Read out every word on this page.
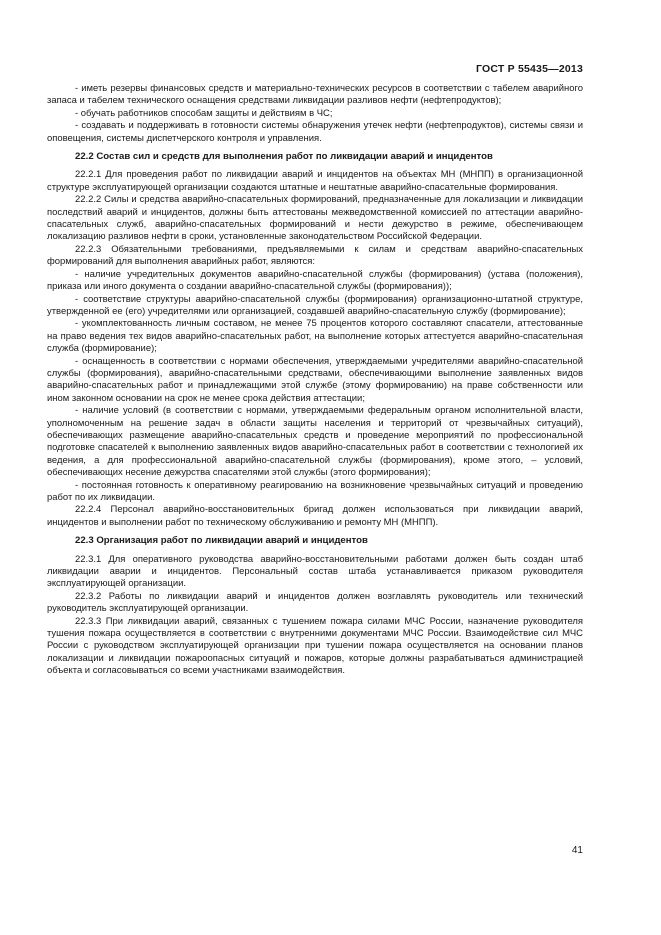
ГОСТ Р 55435—2013

- иметь резервы финансовых средств и материально-технических ресурсов в соответствии с табелем аварийного запаса и табелем технического оснащения средствами ликвидации разливов нефти (нефтепродуктов);

- обучать работников способам защиты и действиям в ЧС;

- создавать и поддерживать в готовности системы обнаружения утечек нефти (нефтепродуктов), системы связи и оповещения, системы диспетчерского контроля и управления.

22.2 Состав сил и средств для выполнения работ по ликвидации аварий и инцидентов

22.2.1 Для проведения работ по ликвидации аварий и инцидентов на объектах МН (МНПП) в организационной структуре эксплуатирующей организации создаются штатные и нештатные аварийно-спасательные формирования.

22.2.2 Силы и средства аварийно-спасательных формирований, предназначенные для локализации и ликвидации последствий аварий и инцидентов, должны быть аттестованы межведомственной комиссией по аттестации аварийно-спасательных служб, аварийно-спасательных формирований и нести дежурство в режиме, обеспечивающем локализацию разливов нефти в сроки, установленные законодательством Российской Федерации.

22.2.3 Обязательными требованиями, предъявляемыми к силам и средствам аварийно-спасательных формирований для выполнения аварийных работ, являются:

- наличие учредительных документов аварийно-спасательной службы (формирования) (устава (положения), приказа или иного документа о создании аварийно-спасательной службы (формирования));

- соответствие структуры аварийно-спасательной службы (формирования) организационно-штатной структуре, утвержденной ее (его) учредителями или организацией, создавшей аварийно-спасательную службу (формирование);

- укомплектованность личным составом, не менее 75 процентов которого составляют спасатели, аттестованные на право ведения тех видов аварийно-спасательных работ, на выполнение которых аттестуется аварийно-спасательная служба (формирование);

- оснащенность в соответствии с нормами обеспечения, утверждаемыми учредителями аварийно-спасательной службы (формирования), аварийно-спасательными средствами, обеспечивающими выполнение заявленных видов аварийно-спасательных работ и принадлежащими этой службе (этому формированию) на праве собственности или ином законном основании на срок не менее срока действия аттестации;

- наличие условий (в соответствии с нормами, утверждаемыми федеральным органом исполнительной власти, уполномоченным на решение задач в области защиты населения и территорий от чрезвычайных ситуаций), обеспечивающих размещение аварийно-спасательных средств и проведение мероприятий по профессиональной подготовке спасателей к выполнению заявленных видов аварийно-спасательных работ в соответствии с технологией их ведения, а для профессиональной аварийно-спасательной службы (формирования), кроме этого, – условий, обеспечивающих несение дежурства спасателями этой службы (этого формирования);

- постоянная готовность к оперативному реагированию на возникновение чрезвычайных ситуаций и проведению работ по их ликвидации.

22.2.4 Персонал аварийно-восстановительных бригад должен использоваться при ликвидации аварий, инцидентов и выполнении работ по техническому обслуживанию и ремонту МН (МНПП).

22.3 Организация работ по ликвидации аварий и инцидентов

22.3.1 Для оперативного руководства аварийно-восстановительными работами должен быть создан штаб ликвидации аварии и инцидентов. Персональный состав штаба устанавливается приказом руководителя эксплуатирующей организации.

22.3.2 Работы по ликвидации аварий и инцидентов должен возглавлять руководитель или технический руководитель эксплуатирующей организации.

22.3.3 При ликвидации аварий, связанных с тушением пожара силами МЧС России, назначение руководителя тушения пожара осуществляется в соответствии с внутренними документами МЧС России. Взаимодействие сил МЧС России с руководством эксплуатирующей организации при тушении пожара осуществляется на основании планов локализации и ликвидации пожароопасных ситуаций и пожаров, которые должны разрабатываться администрацией объекта и согласовываться со всеми участниками взаимодействия.

41
